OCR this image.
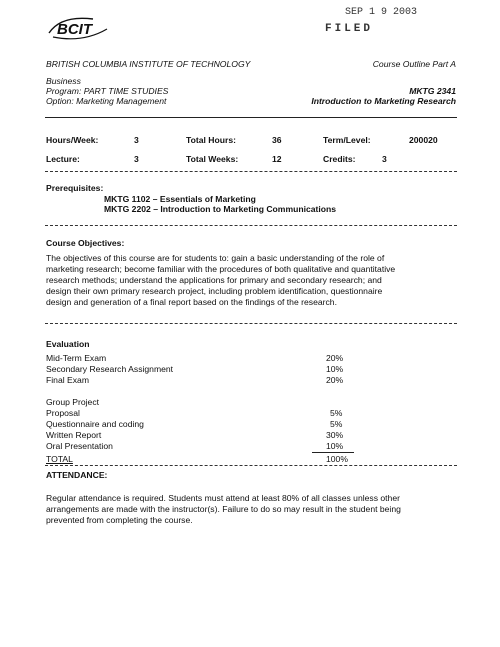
BCIT
SEP 1 9 2003
FILED
BRITISH COLUMBIA INSTITUTE OF TECHNOLOGY	Course Outline Part A
Business
Program: PART TIME STUDIES
Option: Marketing Management
MKTG 2341
Introduction to Marketing Research
Hours/Week:	3	Total Hours:	36	Term/Level:	200020
Lecture:	3	Total Weeks:	12	Credits:	3
Prerequisites:
MKTG 1102 – Essentials of Marketing
MKTG 2202 – Introduction to Marketing Communications
Course Objectives:
The objectives of this course are for students to: gain a basic understanding of the role of
marketing research; become familiar with the procedures of both qualitative and quantitative
research methods; understand the applications for primary and secondary research; and
design their own primary research project, including problem identification, questionnaire
design and generation of a final report based on the findings of the research.
Evaluation
Mid-Term Exam	20%
Secondary Research Assignment	10%
Final Exam	20%
Group Project
Proposal	5%
Questionnaire and coding	5%
Written Report	30%
Oral Presentation	10%
TOTAL	100%
ATTENDANCE:
Regular attendance is required. Students must attend at least 80% of all classes unless other
arrangements are made with the instructor(s). Failure to do so may result in the student being
prevented from completing the course.
